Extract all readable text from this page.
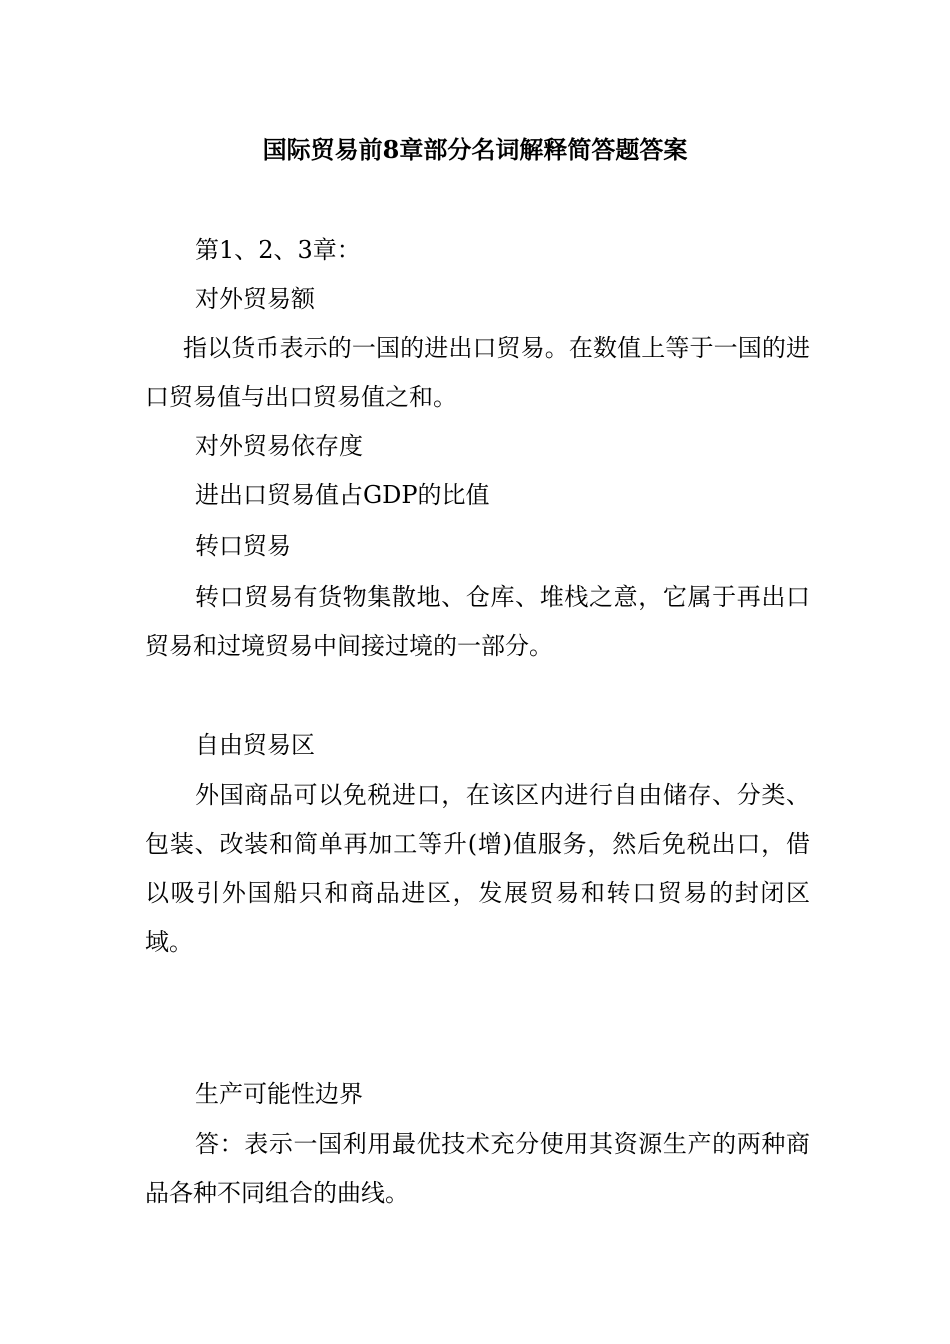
国际贸易前8章部分名词解释简答题答案

第1、2、3章：

对外贸易额

指以货币表示的一国的进出口贸易。在数值上等于一国的进口贸易值与出口贸易值之和。

对外贸易依存度

进出口贸易值占GDP的比值

转口贸易

转口贸易有货物集散地、仓库、堆栈之意，它属于再出口贸易和过境贸易中间接过境的一部分。

自由贸易区

外国商品可以免税进口，在该区内进行自由储存、分类、包装、改装和简单再加工等升(增)值服务，然后免税出口，借以吸引外国船只和商品进区，发展贸易和转口贸易的封闭区域。

生产可能性边界

答：表示一国利用最优技术充分使用其资源生产的两种商品各种不同组合的曲线。
